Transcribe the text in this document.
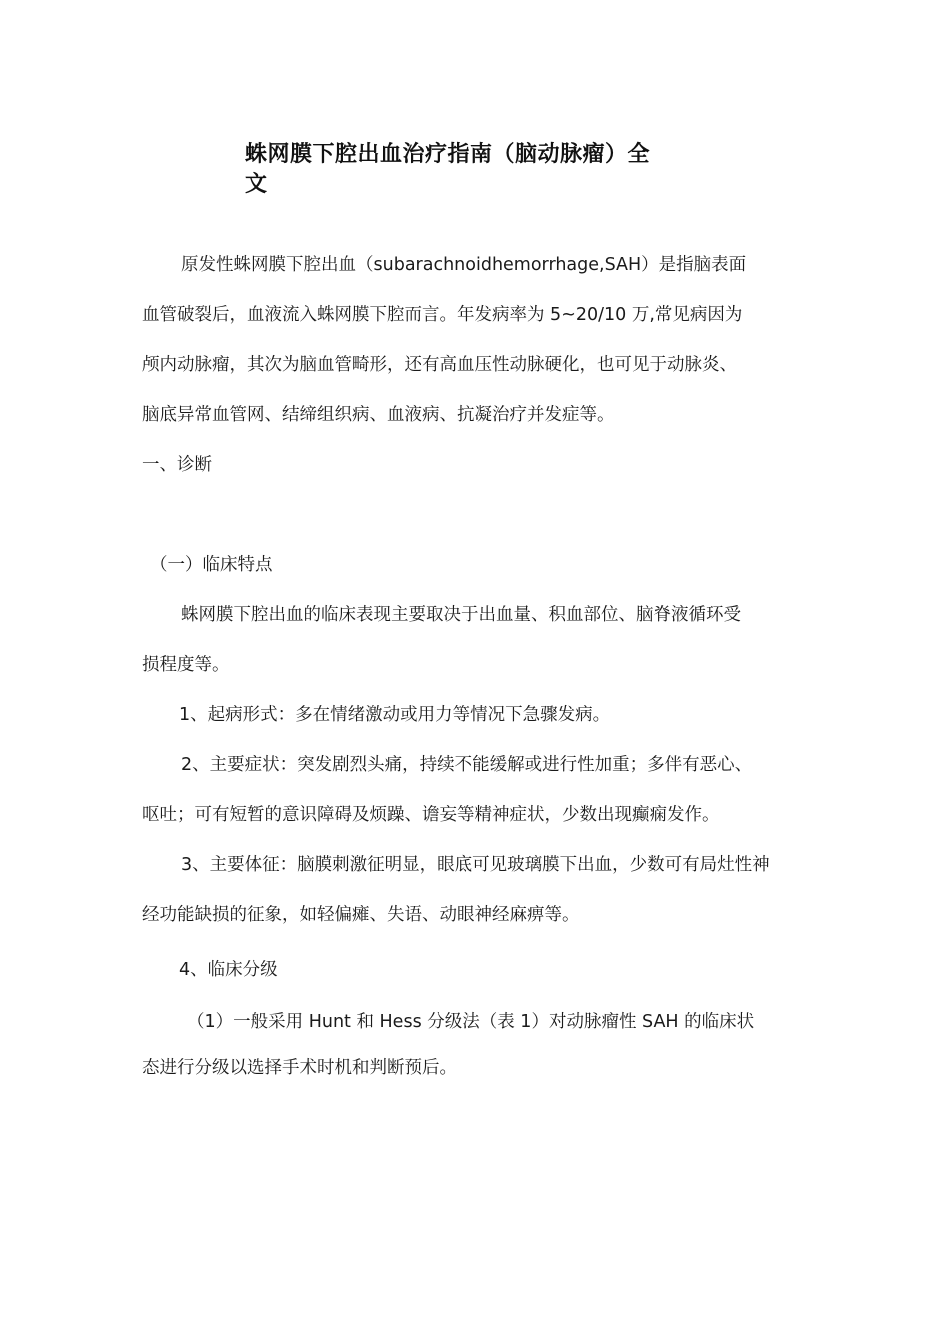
蛛网膜下腔出血治疗指南（脑动脉瘤）全
文
原发性蛛网膜下腔出血（subarachnoidhemorrhage,SAH）是指脑表面
血管破裂后，血液流入蛛网膜下腔而言。年发病率为 5~20/10 万,常见病因为
颅内动脉瘤，其次为脑血管畸形，还有高血压性动脉硬化，也可见于动脉炎、
脑底异常血管网、结缔组织病、血液病、抗凝治疗并发症等。
一、诊断
（一）临床特点
蛛网膜下腔出血的临床表现主要取决于出血量、积血部位、脑脊液循环受
损程度等。
1、起病形式：多在情绪激动或用力等情况下急骤发病。
2、主要症状：突发剧烈头痛，持续不能缓解或进行性加重；多伴有恶心、
呕吐；可有短暂的意识障碍及烦躁、谵妄等精神症状，少数出现癫痫发作。
3、主要体征：脑膜刺激征明显，眼底可见玻璃膜下出血，少数可有局灶性神
经功能缺损的征象，如轻偏瘫、失语、动眼神经麻痹等。
4、临床分级
（1）一般采用 Hunt 和 Hess 分级法（表 1）对动脉瘤性 SAH 的临床状
态进行分级以选择手术时机和判断预后。
